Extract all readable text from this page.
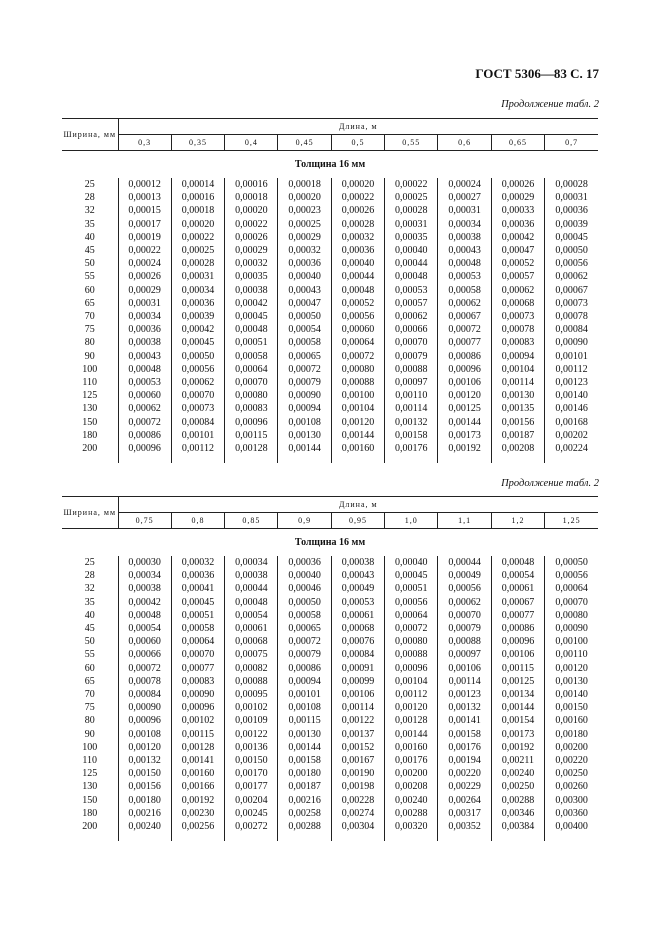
ГОСТ 5306—83 С. 17
Продолжение табл. 2
Ширина, мм	Длина, м								
	0,3	0,35	0,4	0,45	0,5	0,55	0,6	0,65	0,7
Толщина 16 мм									
25	0,00012	0,00014	0,00016	0,00018	0,00020	0,00022	0,00024	0,00026	0,00028
28	0,00013	0,00016	0,00018	0,00020	0,00022	0,00025	0,00027	0,00029	0,00031
32	0,00015	0,00018	0,00020	0,00023	0,00026	0,00028	0,00031	0,00033	0,00036
35	0,00017	0,00020	0,00022	0,00025	0,00028	0,00031	0,00034	0,00036	0,00039
40	0,00019	0,00022	0,00026	0,00029	0,00032	0,00035	0,00038	0,00042	0,00045
45	0,00022	0,00025	0,00029	0,00032	0,00036	0,00040	0,00043	0,00047	0,00050
50	0,00024	0,00028	0,00032	0,00036	0,00040	0,00044	0,00048	0,00052	0,00056
55	0,00026	0,00031	0,00035	0,00040	0,00044	0,00048	0,00053	0,00057	0,00062
60	0,00029	0,00034	0,00038	0,00043	0,00048	0,00053	0,00058	0,00062	0,00067
65	0,00031	0,00036	0,00042	0,00047	0,00052	0,00057	0,00062	0,00068	0,00073
70	0,00034	0,00039	0,00045	0,00050	0,00056	0,00062	0,00067	0,00073	0,00078
75	0,00036	0,00042	0,00048	0,00054	0,00060	0,00066	0,00072	0,00078	0,00084
80	0,00038	0,00045	0,00051	0,00058	0,00064	0,00070	0,00077	0,00083	0,00090
90	0,00043	0,00050	0,00058	0,00065	0,00072	0,00079	0,00086	0,00094	0,00101
100	0,00048	0,00056	0,00064	0,00072	0,00080	0,00088	0,00096	0,00104	0,00112
110	0,00053	0,00062	0,00070	0,00079	0,00088	0,00097	0,00106	0,00114	0,00123
125	0,00060	0,00070	0,00080	0,00090	0,00100	0,00110	0,00120	0,00130	0,00140
130	0,00062	0,00073	0,00083	0,00094	0,00104	0,00114	0,00125	0,00135	0,00146
150	0,00072	0,00084	0,00096	0,00108	0,00120	0,00132	0,00144	0,00156	0,00168
180	0,00086	0,00101	0,00115	0,00130	0,00144	0,00158	0,00173	0,00187	0,00202
200	0,00096	0,00112	0,00128	0,00144	0,00160	0,00176	0,00192	0,00208	0,00224

Продолжение табл. 2
Ширина, мм	Длина, м								
	0,75	0,8	0,85	0,9	0,95	1,0	1,1	1,2	1,25
Толщина 16 мм									
25	0,00030	0,00032	0,00034	0,00036	0,00038	0,00040	0,00044	0,00048	0,00050
28	0,00034	0,00036	0,00038	0,00040	0,00043	0,00045	0,00049	0,00054	0,00056
32	0,00038	0,00041	0,00044	0,00046	0,00049	0,00051	0,00056	0,00061	0,00064
35	0,00042	0,00045	0,00048	0,00050	0,00053	0,00056	0,00062	0,00067	0,00070
40	0,00048	0,00051	0,00054	0,00058	0,00061	0,00064	0,00070	0,00077	0,00080
45	0,00054	0,00058	0,00061	0,00065	0,00068	0,00072	0,00079	0,00086	0,00090
50	0,00060	0,00064	0,00068	0,00072	0,00076	0,00080	0,00088	0,00096	0,00100
55	0,00066	0,00070	0,00075	0,00079	0,00084	0,00088	0,00097	0,00106	0,00110
60	0,00072	0,00077	0,00082	0,00086	0,00091	0,00096	0,00106	0,00115	0,00120
65	0,00078	0,00083	0,00088	0,00094	0,00099	0,00104	0,00114	0,00125	0,00130
70	0,00084	0,00090	0,00095	0,00101	0,00106	0,00112	0,00123	0,00134	0,00140
75	0,00090	0,00096	0,00102	0,00108	0,00114	0,00120	0,00132	0,00144	0,00150
80	0,00096	0,00102	0,00109	0,00115	0,00122	0,00128	0,00141	0,00154	0,00160
90	0,00108	0,00115	0,00122	0,00130	0,00137	0,00144	0,00158	0,00173	0,00180
100	0,00120	0,00128	0,00136	0,00144	0,00152	0,00160	0,00176	0,00192	0,00200
110	0,00132	0,00141	0,00150	0,00158	0,00167	0,00176	0,00194	0,00211	0,00220
125	0,00150	0,00160	0,00170	0,00180	0,00190	0,00200	0,00220	0,00240	0,00250
130	0,00156	0,00166	0,00177	0,00187	0,00198	0,00208	0,00229	0,00250	0,00260
150	0,00180	0,00192	0,00204	0,00216	0,00228	0,00240	0,00264	0,00288	0,00300
180	0,00216	0,00230	0,00245	0,00258	0,00274	0,00288	0,00317	0,00346	0,00360
200	0,00240	0,00256	0,00272	0,00288	0,00304	0,00320	0,00352	0,00384	0,00400
